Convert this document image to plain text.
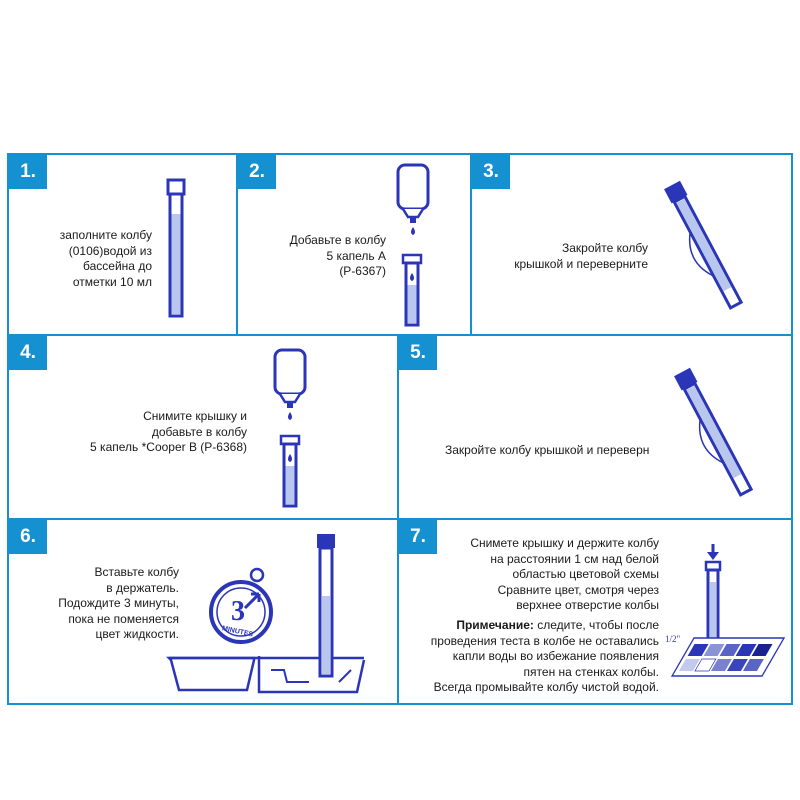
1.
заполните колбу
(0106)водой из
бассейна до
отметки 10 мл
2.
Добавьте в колбу
5 капель А
(Р-6367)
3.
Закройте колбу
крышкой и переверните
4.
Снимите крышку и
добавьте в колбу
5 капель *Cooper B (Р-6368)
5.
Закройте колбу крышкой и переверн
6.
Вставьте колбу
в держатель.
Подождите 3 минуты,
пока не поменяется
цвет жидкости.
3
MINUTES
7.	Снимете крышку и держите колбу
на расстоянии 1 см над белой
областью цветовой схемы
Сравните цвет, смотря через
верхнее отверстие колбы
Примечание: следите, чтобы после
проведения теста в колбе не оставались
капли воды во избежание появления
пятен на стенках колбы.
Всегда промывайте колбу чистой водой.
1/2"
